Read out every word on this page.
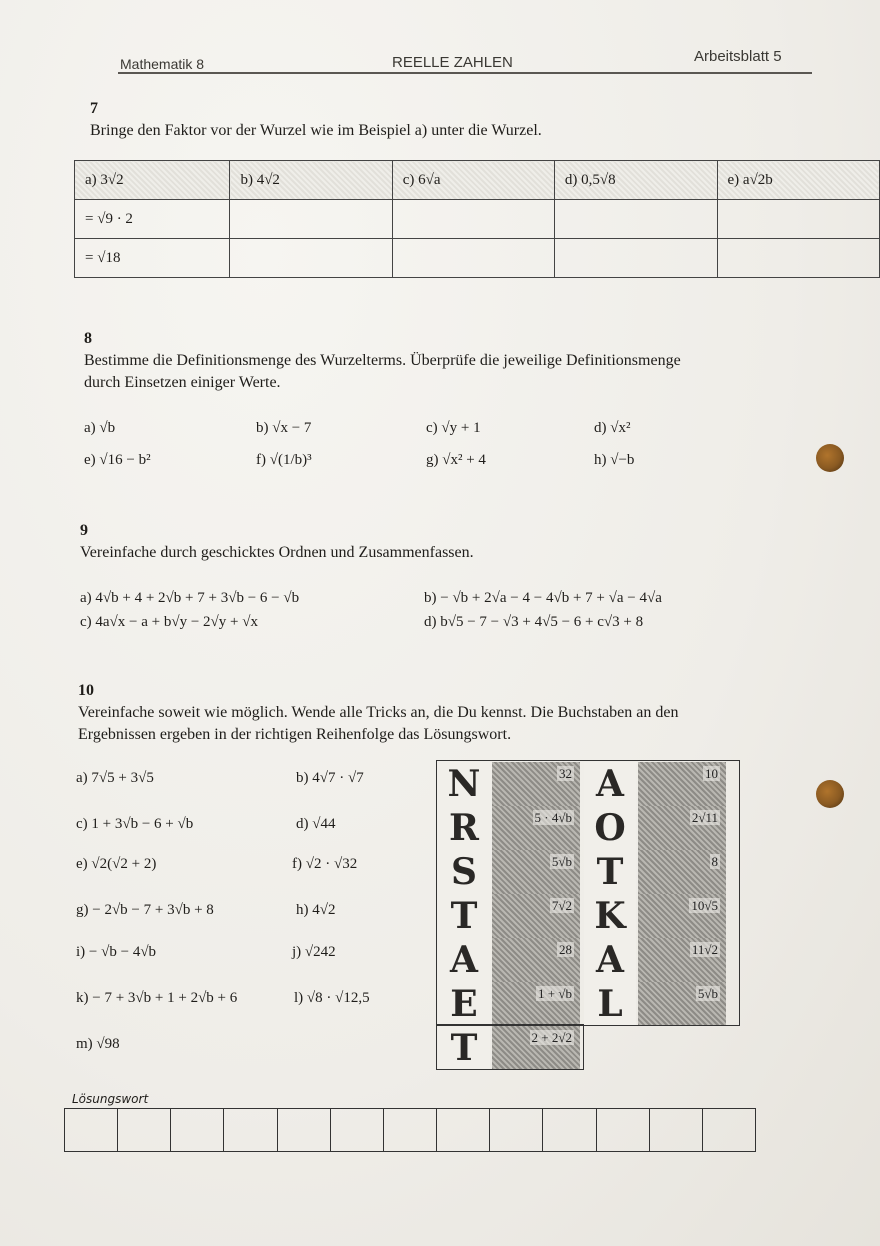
Mathematik 8	REELLE ZAHLEN	Arbeitsblatt 5
7
Bringe den Faktor vor der Wurzel wie im Beispiel a) unter die Wurzel.
a) 3√2	b) 4√2	c) 6√a	d) 0,5√8	e) a√2b
= √9 · 2				
= √18				
8
Bestimme die Definitionsmenge des Wurzelterms. Überprüfe die jeweilige Definitionsmenge
durch Einsetzen einiger Werte.
a) √b	b) √x − 7	c) √y + 1	d) √x²
e) √16 − b²	f) √(1/b)³	g) √x² + 4	h) √−b
9
Vereinfache durch geschicktes Ordnen und Zusammenfassen.
a) 4√b + 4 + 2√b + 7 + 3√b − 6 − √b	b) − √b + 2√a − 4 − 4√b + 7 + √a − 4√a
c) 4a√x − a + b√y − 2√y + √x	d) b√5 − 7 − √3 + 4√5 − 6 + c√3 + 8
10
Vereinfache soweit wie möglich. Wende alle Tricks an, die Du kennst. Die Buchstaben an den
Ergebnissen ergeben in der richtigen Reihenfolge das Lösungswort.
a) 7√5 + 3√5	b) 4√7 · √7
c) 1 + 3√b − 6 + √b	d) √44
e) √2(√2 + 2)	f) √2 · √32
g) − 2√b − 7 + 3√b + 8	h) 4√2
i) − √b − 4√b	j) √242
k) − 7 + 3√b + 1 + 2√b + 6	l) √8 · √12,5
m) √98
N	32 A	10
R	5 · 4√b O	2√11
S	5√b T	8
T	7√2 K	10√5
A	28 A	11√2
E	1 + √b L	5√b
T	2 + 2√2
Lösungswort
